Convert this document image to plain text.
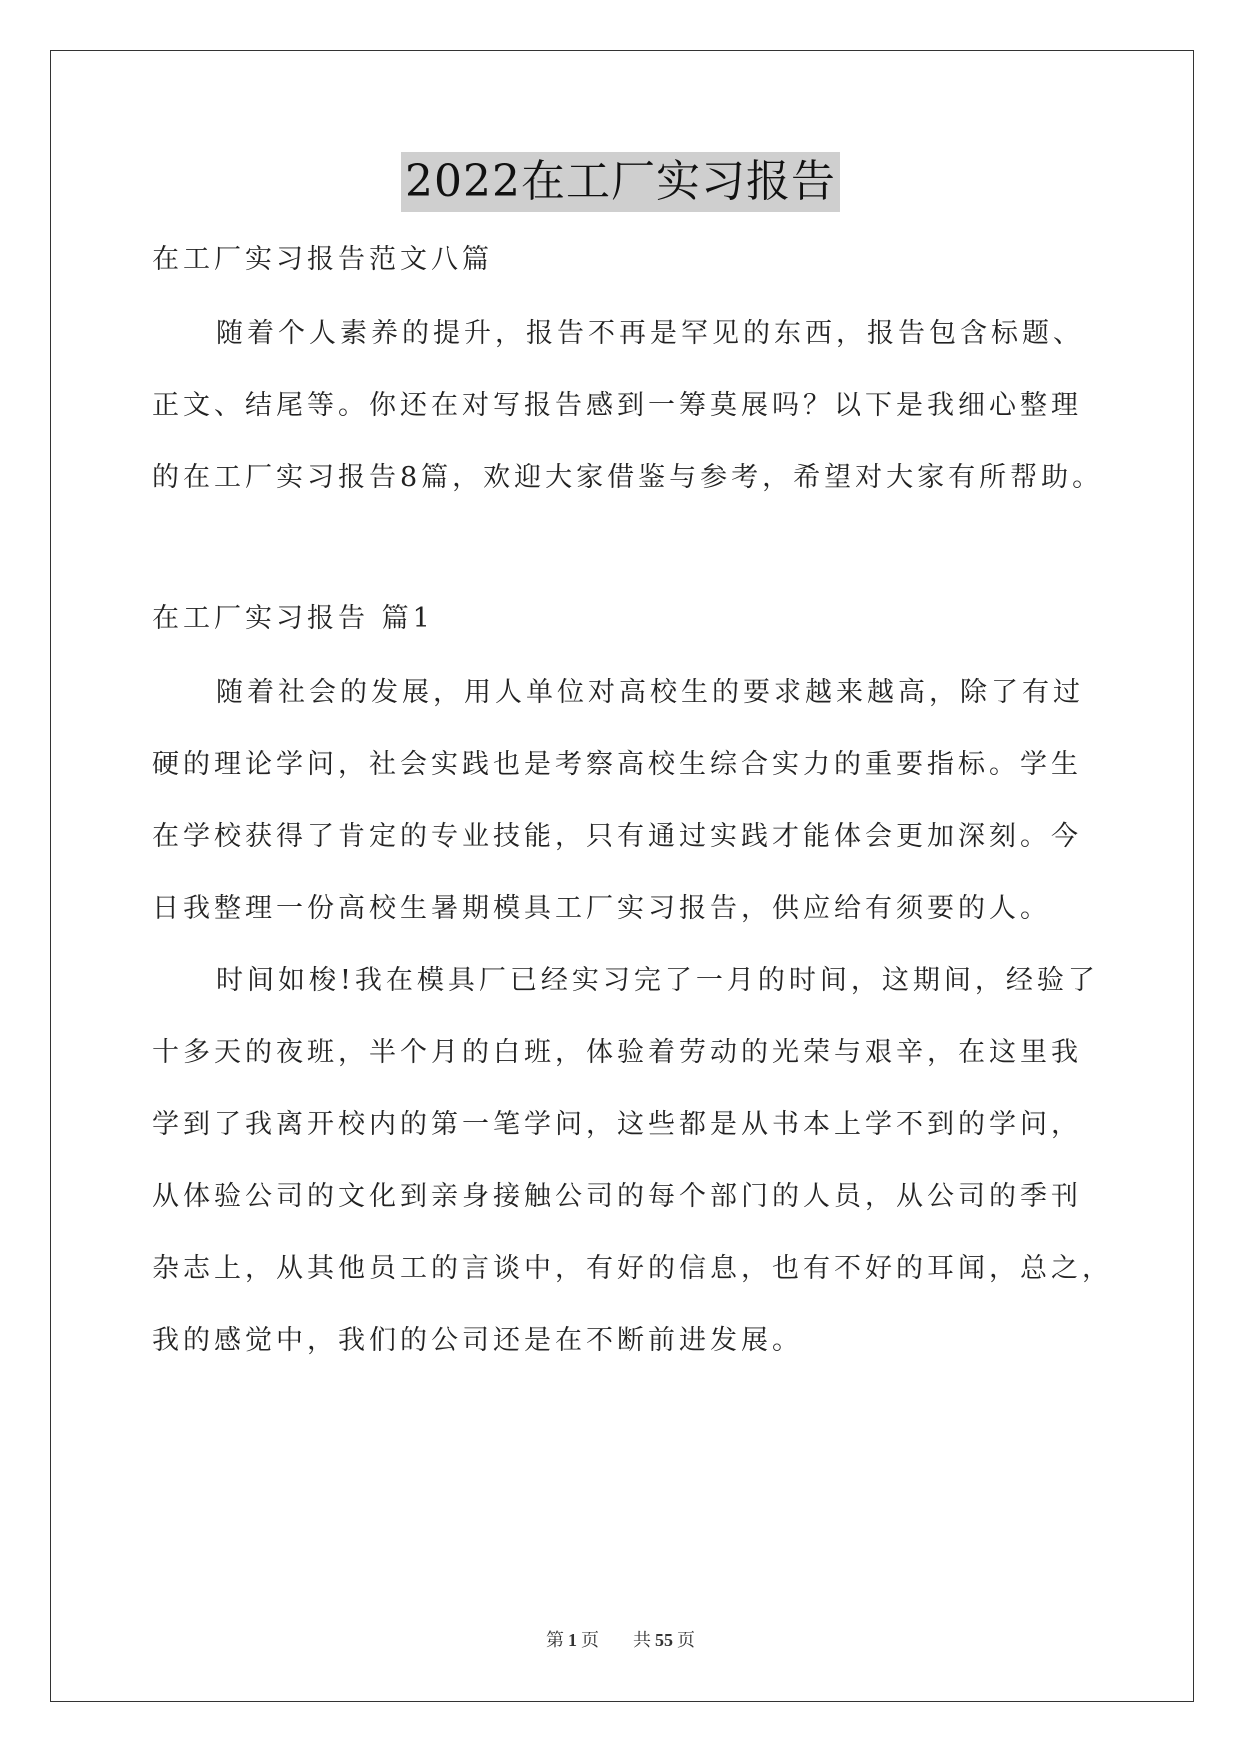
2022在工厂实习报告
在工厂实习报告范文八篇
随着个人素养的提升，报告不再是罕见的东西，报告包含标题、
正文、结尾等。你还在对写报告感到一筹莫展吗？以下是我细心整理
的在工厂实习报告8篇，欢迎大家借鉴与参考，希望对大家有所帮助。
在工厂实习报告 篇1
随着社会的发展，用人单位对高校生的要求越来越高，除了有过
硬的理论学问，社会实践也是考察高校生综合实力的重要指标。学生
在学校获得了肯定的专业技能，只有通过实践才能体会更加深刻。今
日我整理一份高校生暑期模具工厂实习报告，供应给有须要的人。
时间如梭!我在模具厂已经实习完了一月的时间，这期间，经验了
十多天的夜班，半个月的白班，体验着劳动的光荣与艰辛，在这里我
学到了我离开校内的第一笔学问，这些都是从书本上学不到的学问，
从体验公司的文化到亲身接触公司的每个部门的人员，从公司的季刊
杂志上，从其他员工的言谈中，有好的信息，也有不好的耳闻，总之，
我的感觉中，我们的公司还是在不断前进发展。
第 1 页 共 55 页
